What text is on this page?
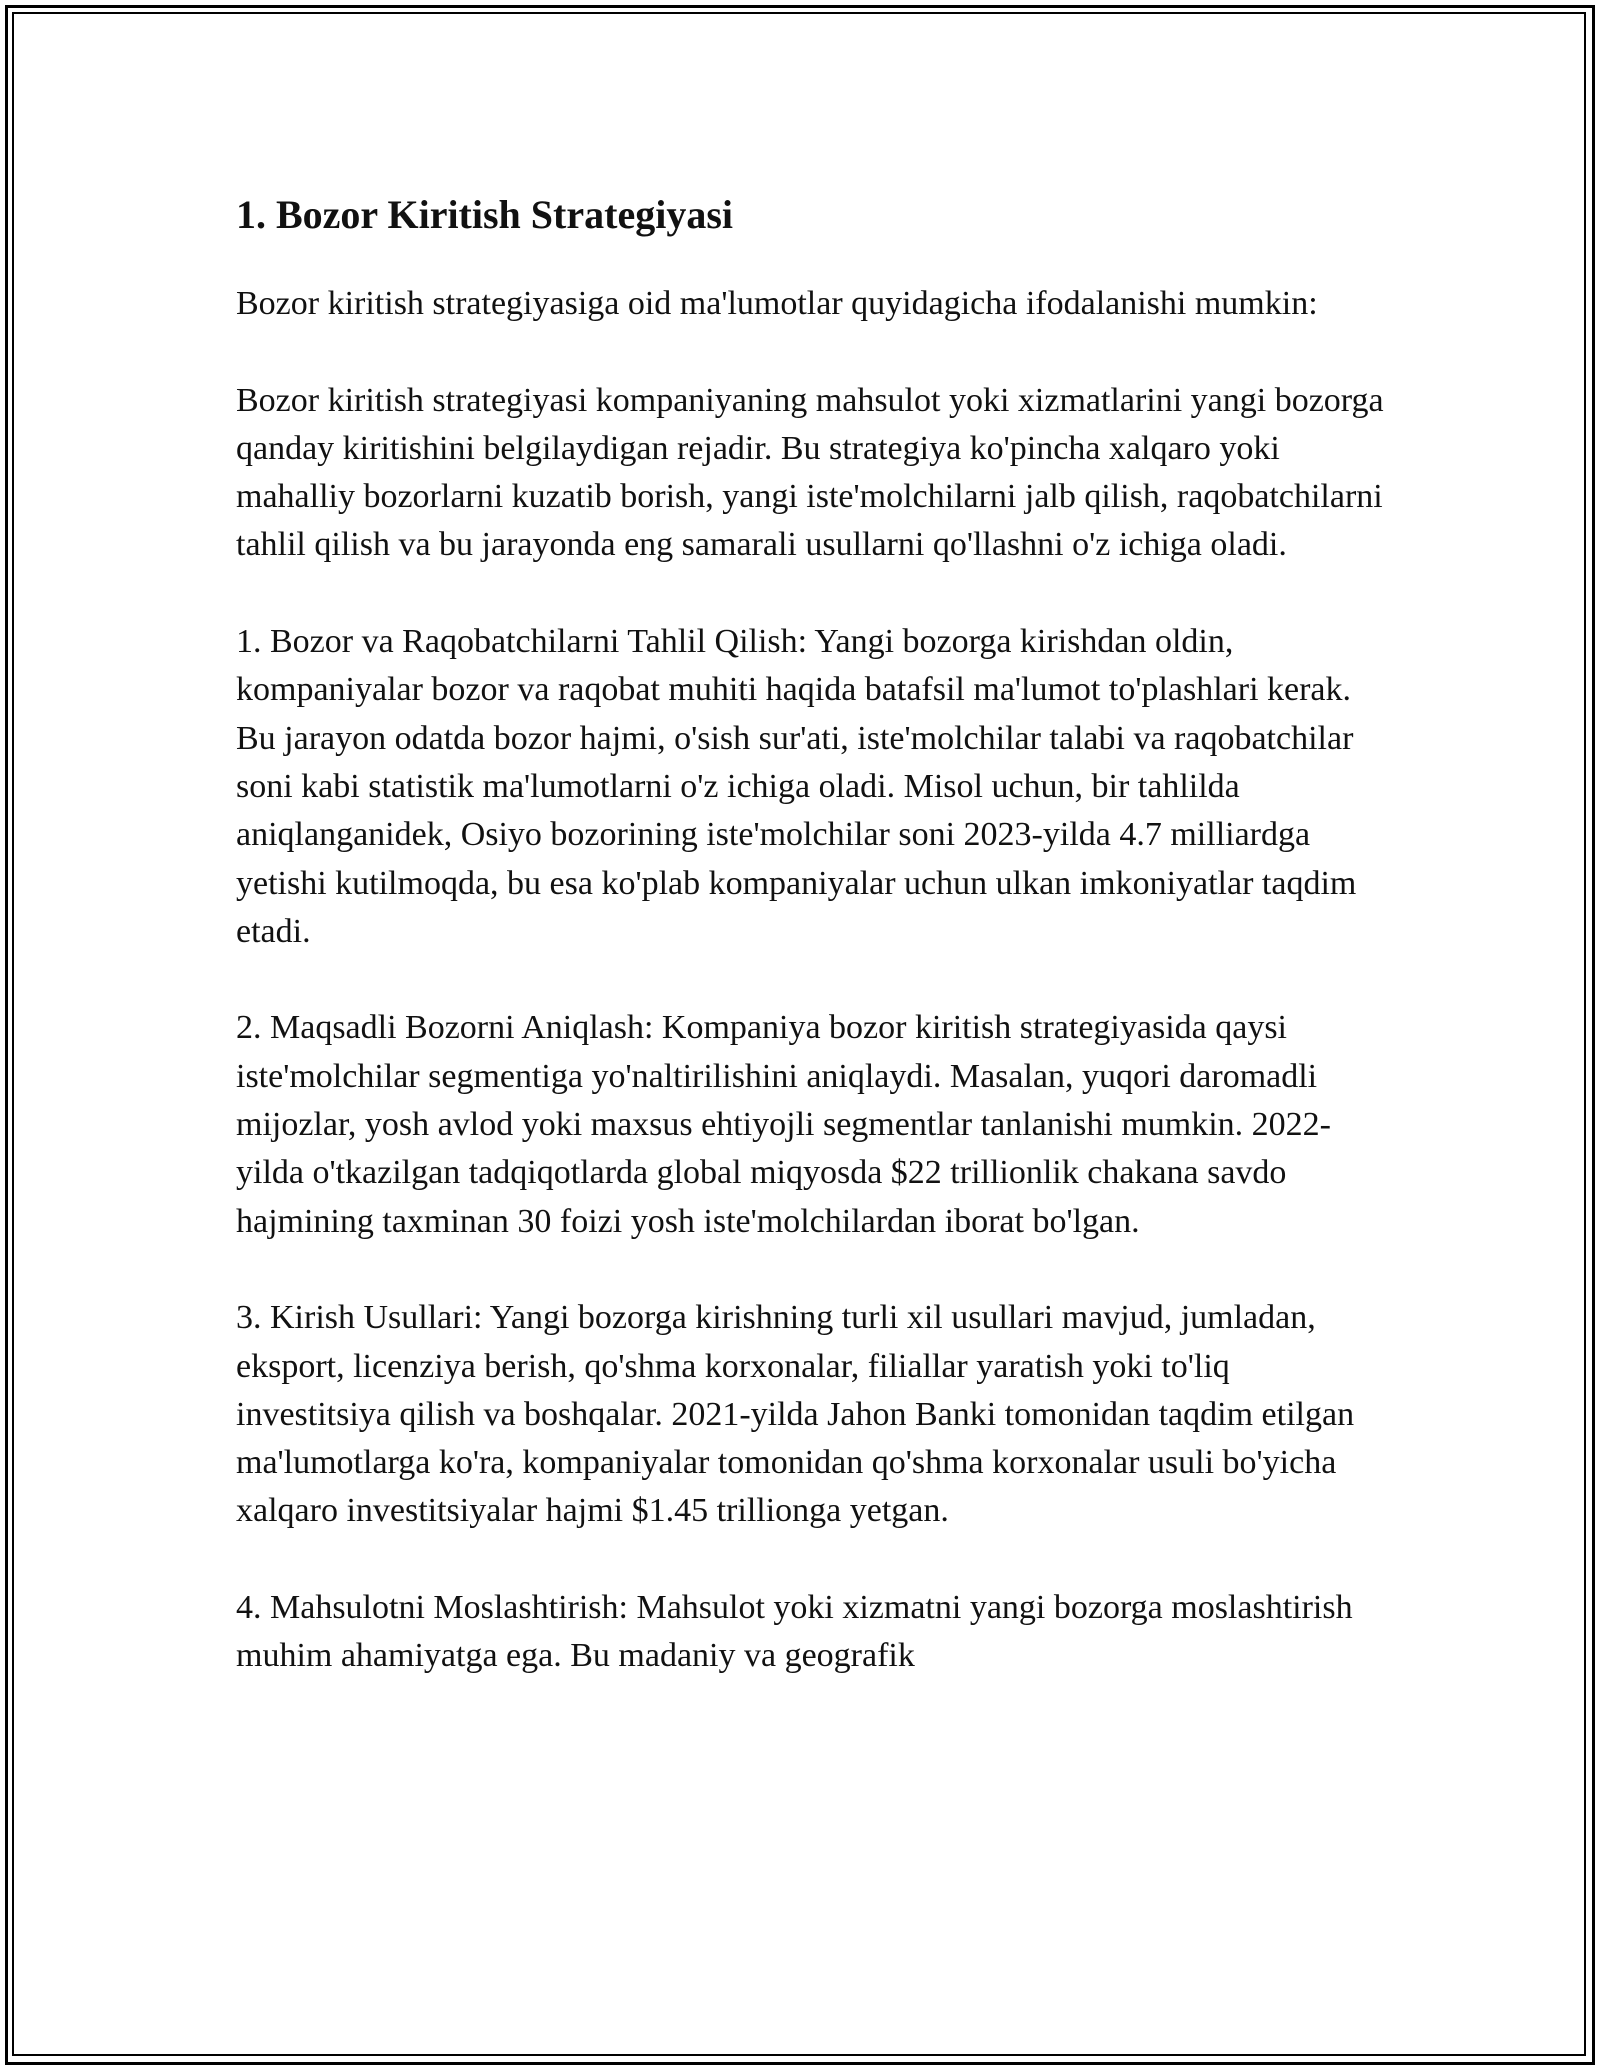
1. Bozor Kiritish Strategiyasi

Bozor kiritish strategiyasiga oid ma'lumotlar quyidagicha ifodalanishi mumkin:

Bozor kiritish strategiyasi kompaniyaning mahsulot yoki xizmatlarini yangi bozorga qanday kiritishini belgilaydigan rejadir. Bu strategiya ko'pincha xalqaro yoki mahalliy bozorlarni kuzatib borish, yangi iste'molchilarni jalb qilish, raqobatchilarni tahlil qilish va bu jarayonda eng samarali usullarni qo'llashni o'z ichiga oladi.

1. Bozor va Raqobatchilarni Tahlil Qilish: Yangi bozorga kirishdan oldin, kompaniyalar bozor va raqobat muhiti haqida batafsil ma'lumot to'plashlari kerak. Bu jarayon odatda bozor hajmi, o'sish sur'ati, iste'molchilar talabi va raqobatchilar soni kabi statistik ma'lumotlarni o'z ichiga oladi. Misol uchun, bir tahlilda aniqlanganidek, Osiyo bozorining iste'molchilar soni 2023-yilda 4.7 milliardga yetishi kutilmoqda, bu esa ko'plab kompaniyalar uchun ulkan imkoniyatlar taqdim etadi.

2. Maqsadli Bozorni Aniqlash: Kompaniya bozor kiritish strategiyasida qaysi iste'molchilar segmentiga yo'naltirilishini aniqlaydi. Masalan, yuqori daromadli mijozlar, yosh avlod yoki maxsus ehtiyojli segmentlar tanlanishi mumkin. 2022-yilda o'tkazilgan tadqiqotlarda global miqyosda $22 trillionlik chakana savdo hajmining taxminan 30 foizi yosh iste'molchilardan iborat bo'lgan.

3. Kirish Usullari: Yangi bozorga kirishning turli xil usullari mavjud, jumladan, eksport, licenziya berish, qo'shma korxonalar, filiallar yaratish yoki to'liq investitsiya qilish va boshqalar. 2021-yilda Jahon Banki tomonidan taqdim etilgan ma'lumotlarga ko'ra, kompaniyalar tomonidan qo'shma korxonalar usuli bo'yicha xalqaro investitsiyalar hajmi $1.45 trillionga yetgan.

4. Mahsulotni Moslashtirish: Mahsulot yoki xizmatni yangi bozorga moslashtirish muhim ahamiyatga ega. Bu madaniy va geografik
